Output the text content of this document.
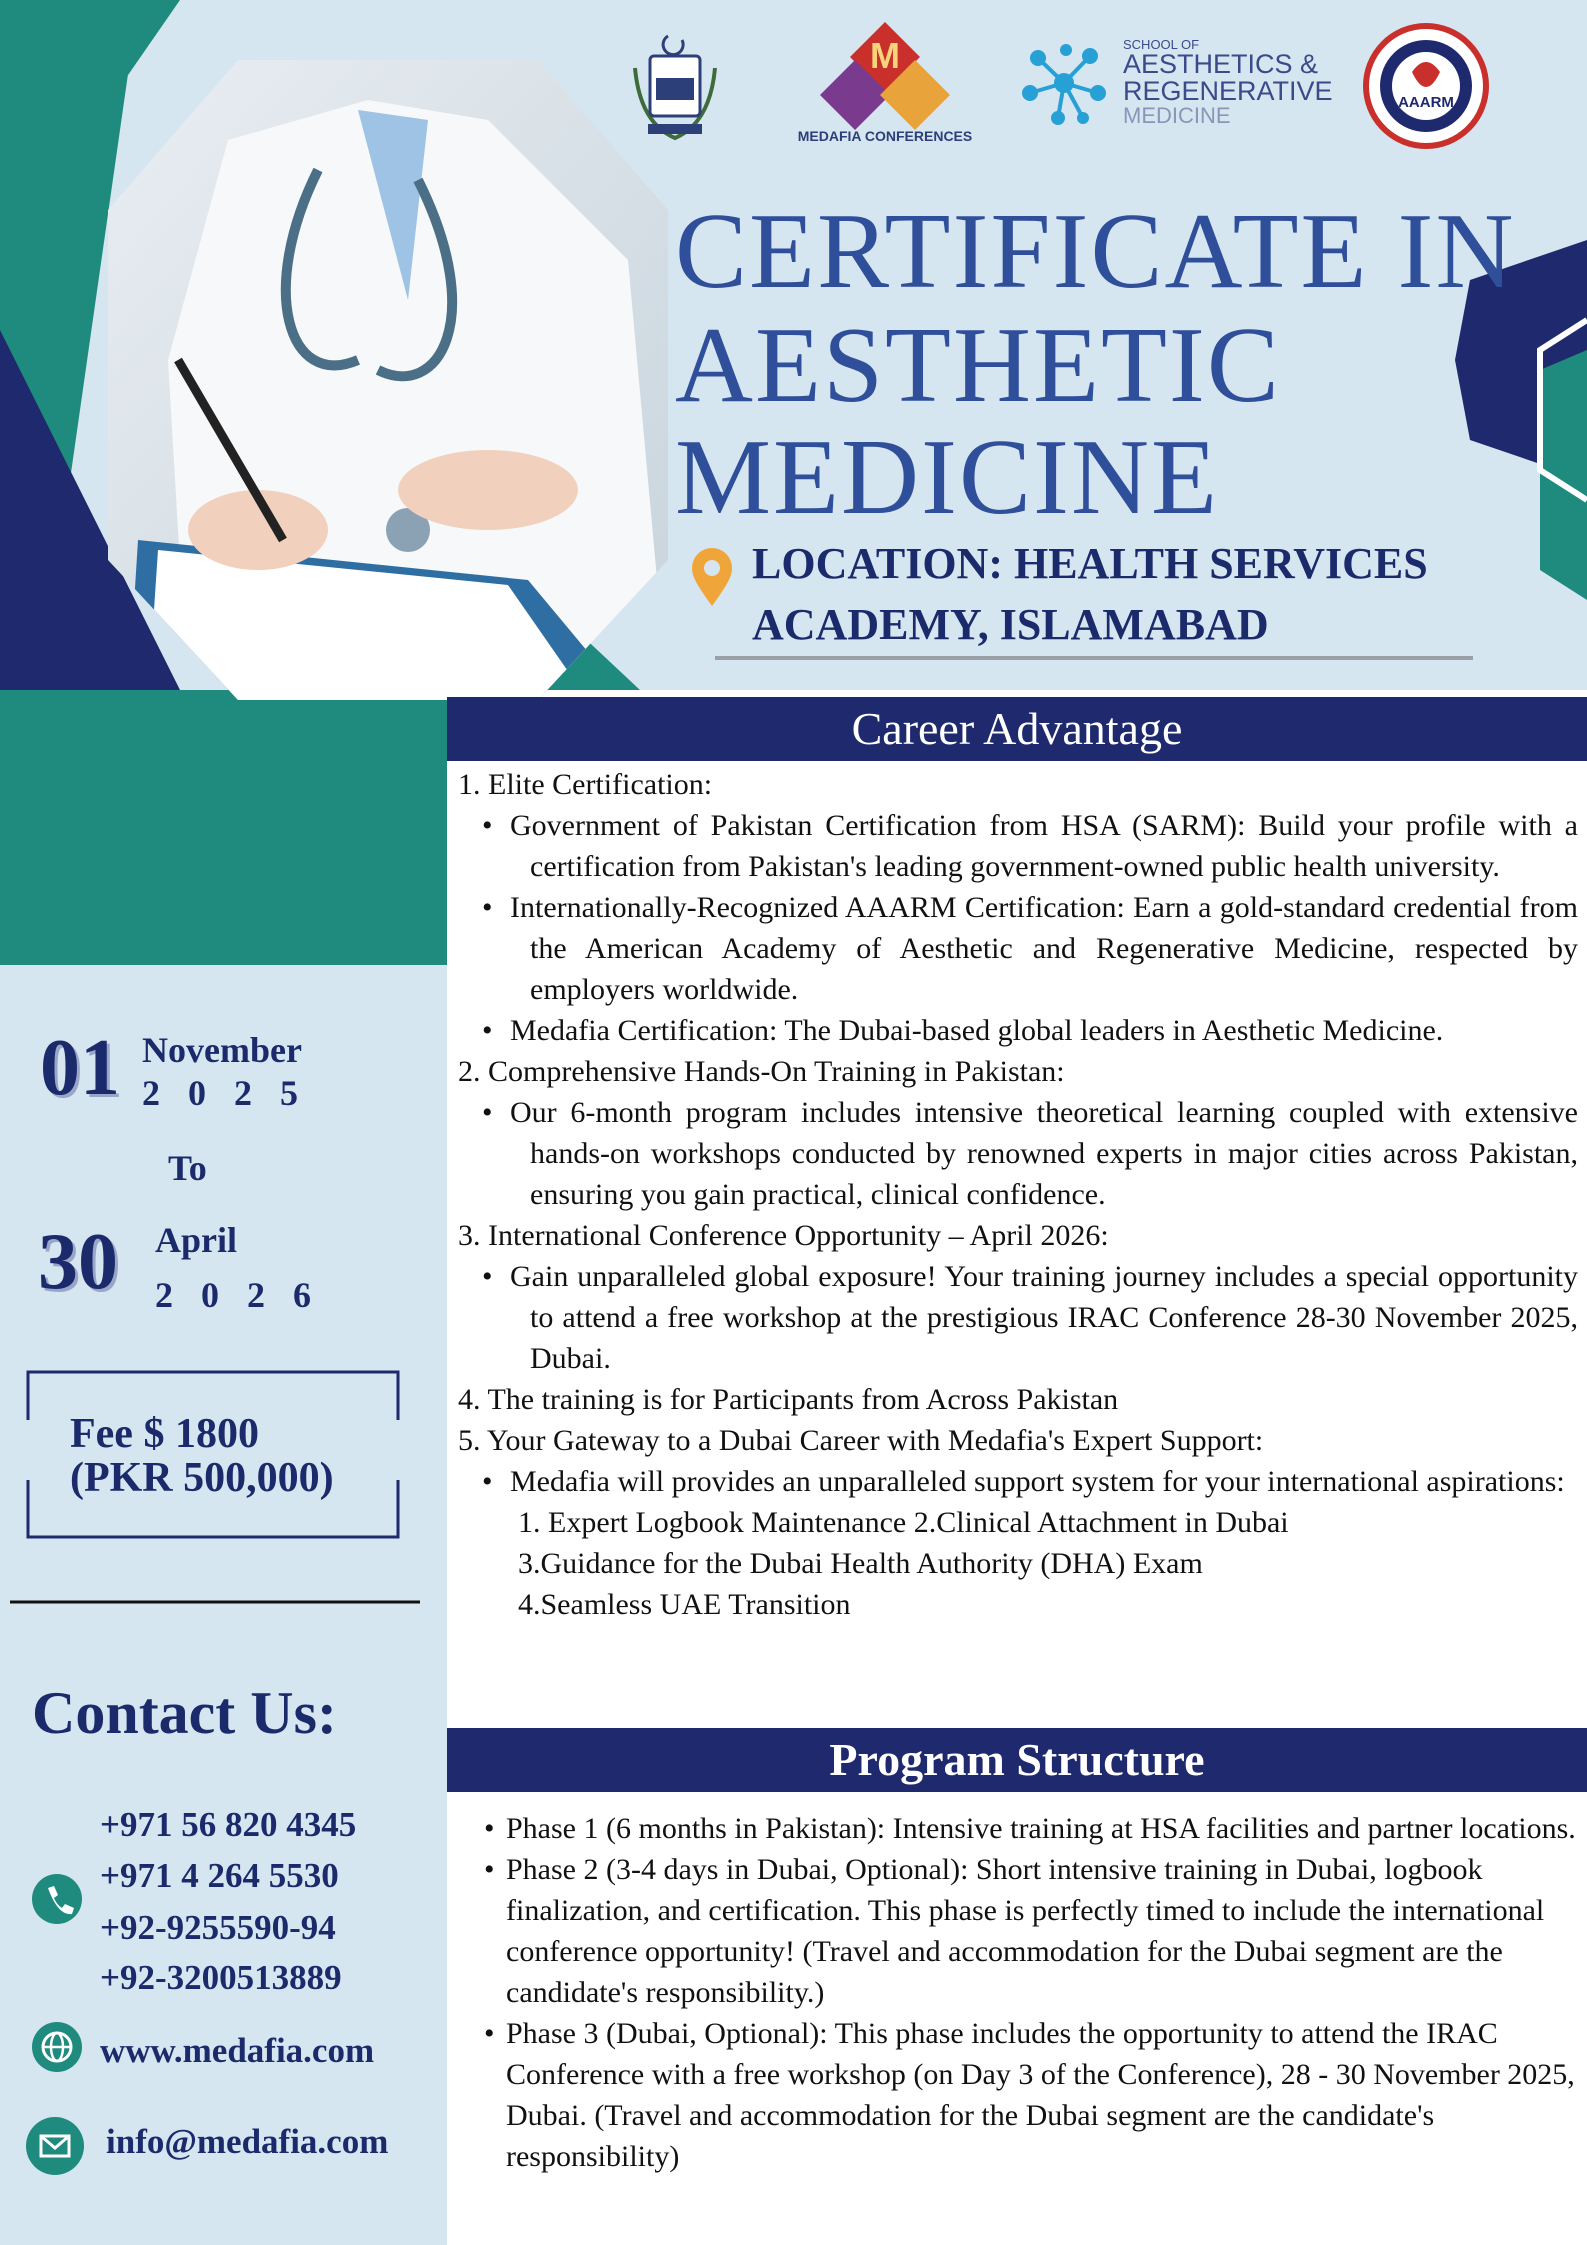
M
MEDAFIA CONFERENCES
SCHOOL OF
AESTHETICS &
REGENERATIVE
MEDICINE
AAARM
CERTIFICATE IN
AESTHETIC
MEDICINE
LOCATION: HEALTH SERVICES
ACADEMY, ISLAMABAD
01 November
2025
To
30 April
2026
Fee $ 1800
(PKR 500,000)
Contact Us:
+971 56 820 4345
+971 4 264 5530
+92-9255590-94
+92-3200513889
www.medafia.com
info@medafia.com
Career Advantage

1. Elite Certification:

• Government of Pakistan Certification from HSA (SARM): Build your profile with a certification from Pakistan's leading government-owned public health university.

• Internationally-Recognized AAARM Certification: Earn a gold-standard credential from the American Academy of Aesthetic and Regenerative Medicine, respected by employers worldwide.

• Medafia Certification: The Dubai-based global leaders in Aesthetic Medicine.

2. Comprehensive Hands-On Training in Pakistan:

• Our 6-month program includes intensive theoretical learning coupled with extensive hands-on workshops conducted by renowned experts in major cities across Pakistan, ensuring you gain practical, clinical confidence.

3. International Conference Opportunity – April 2026:

• Gain unparalleled global exposure! Your training journey includes a special opportunity to attend a free workshop at the prestigious IRAC Conference 28-30 November 2025, Dubai.

4. The training is for Participants from Across Pakistan

5. Your Gateway to a Dubai Career with Medafia's Expert Support:

• Medafia will provides an unparalleled support system for your international aspirations:

1. Expert Logbook Maintenance 2.Clinical Attachment in Dubai

3.Guidance for the Dubai Health Authority (DHA) Exam

4.Seamless UAE Transition

Program Structure

• Phase 1 (6 months in Pakistan): Intensive training at HSA facilities and partner locations.

• Phase 2 (3-4 days in Dubai, Optional): Short intensive training in Dubai, logbook finalization, and certification. This phase is perfectly timed to include the international conference opportunity! (Travel and accommodation for the Dubai segment are the candidate's responsibility.)

• Phase 3 (Dubai, Optional): This phase includes the opportunity to attend the IRAC Conference with a free workshop (on Day 3 of the Conference), 28 - 30 November 2025, Dubai. (Travel and accommodation for the Dubai segment are the candidate's responsibility)
